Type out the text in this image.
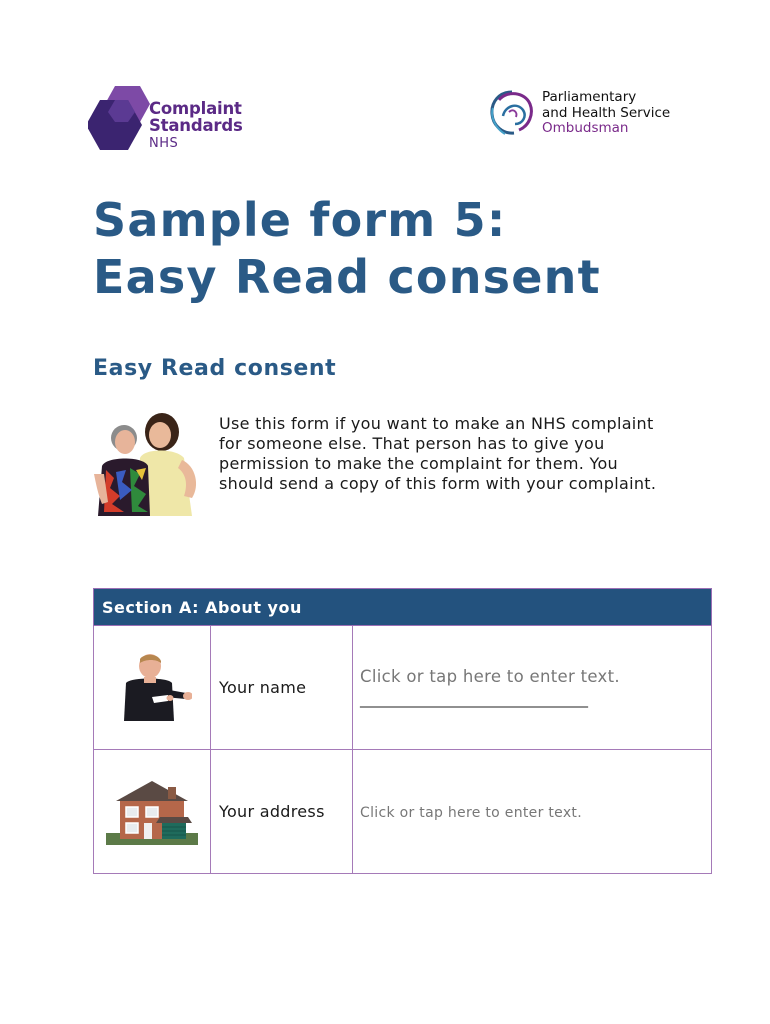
Complaint
Standards
NHS
Parliamentary
and Health Service
Ombudsman
Sample form 5:
Easy Read consent
Easy Read consent

Use this form if you want to make an NHS complaint for someone else. That person has to give you permission to make the complaint for them. You should send a copy of this form with your complaint.

Section A: About you		

	Your name	Click or tap here to enter text.
___________________________________

	Your address	Click or tap here to enter text.
